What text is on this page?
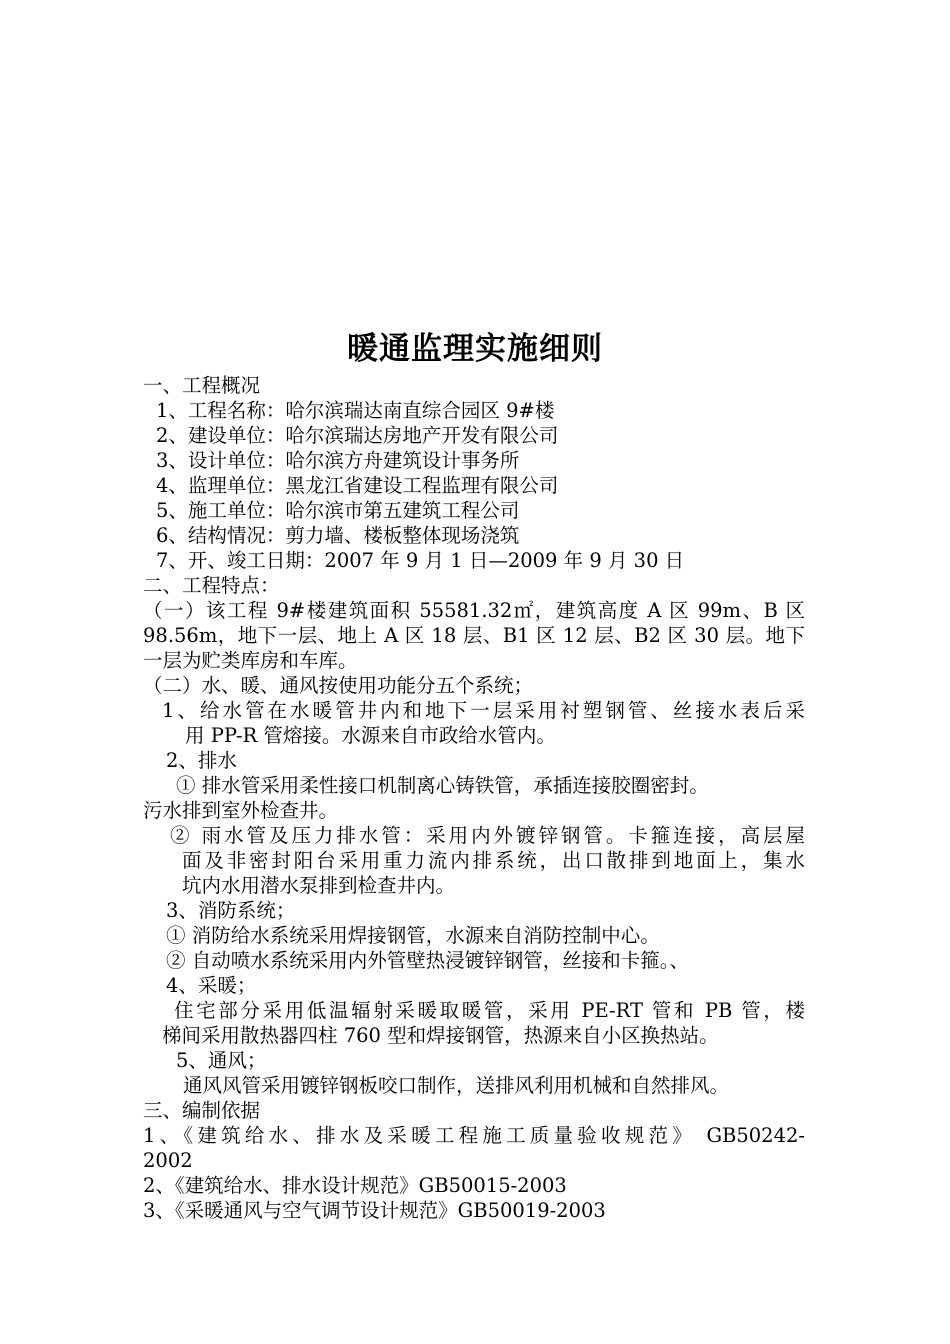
暖通监理实施细则
一、工程概况
1、工程名称：哈尔滨瑞达南直综合园区 9#楼
2、建设单位：哈尔滨瑞达房地产开发有限公司
3、设计单位：哈尔滨方舟建筑设计事务所
4、监理单位：黑龙江省建设工程监理有限公司
5、施工单位：哈尔滨市第五建筑工程公司
6、结构情况：剪力墙、楼板整体现场浇筑
7、开、竣工日期：2007 年 9 月 1 日—2009 年 9 月 30 日
二、工程特点：
（一）该工程 9#楼建筑面积 55581.32㎡，建筑高度 A 区 99m、B 区
98.56m，地下一层、地上 A 区 18 层、B1 区 12 层、B2 区 30 层。地下
一层为贮类库房和车库。
（二）水、暖、通风按使用功能分五个系统；
1、给水管在水暖管井内和地下一层采用衬塑钢管、丝接水表后采
用 PP-R 管熔接。水源来自市政给水管内。
2、排水
① 排水管采用柔性接口机制离心铸铁管，承插连接胶圈密封。
污水排到室外检查井。
② 雨水管及压力排水管：采用内外镀锌钢管。卡箍连接，高层屋
面及非密封阳台采用重力流内排系统，出口散排到地面上，集水
坑内水用潜水泵排到检查井内。
3、消防系统；
① 消防给水系统采用焊接钢管，水源来自消防控制中心。
② 自动喷水系统采用内外管壁热浸镀锌钢管，丝接和卡箍。、
4、采暖；
住宅部分采用低温辐射采暖取暖管，采用 PE-RT 管和 PB 管，楼
梯间采用散热器四柱 760 型和焊接钢管，热源来自小区换热站。
5、通风；
通风风管采用镀锌钢板咬口制作，送排风利用机械和自然排风。
三、编制依据
1、《建筑给水、排水及采暖工程施工质量验收规范》 GB50242-
2002
2、《建筑给水、排水设计规范》GB50015-2003
3、《采暖通风与空气调节设计规范》GB50019-2003
